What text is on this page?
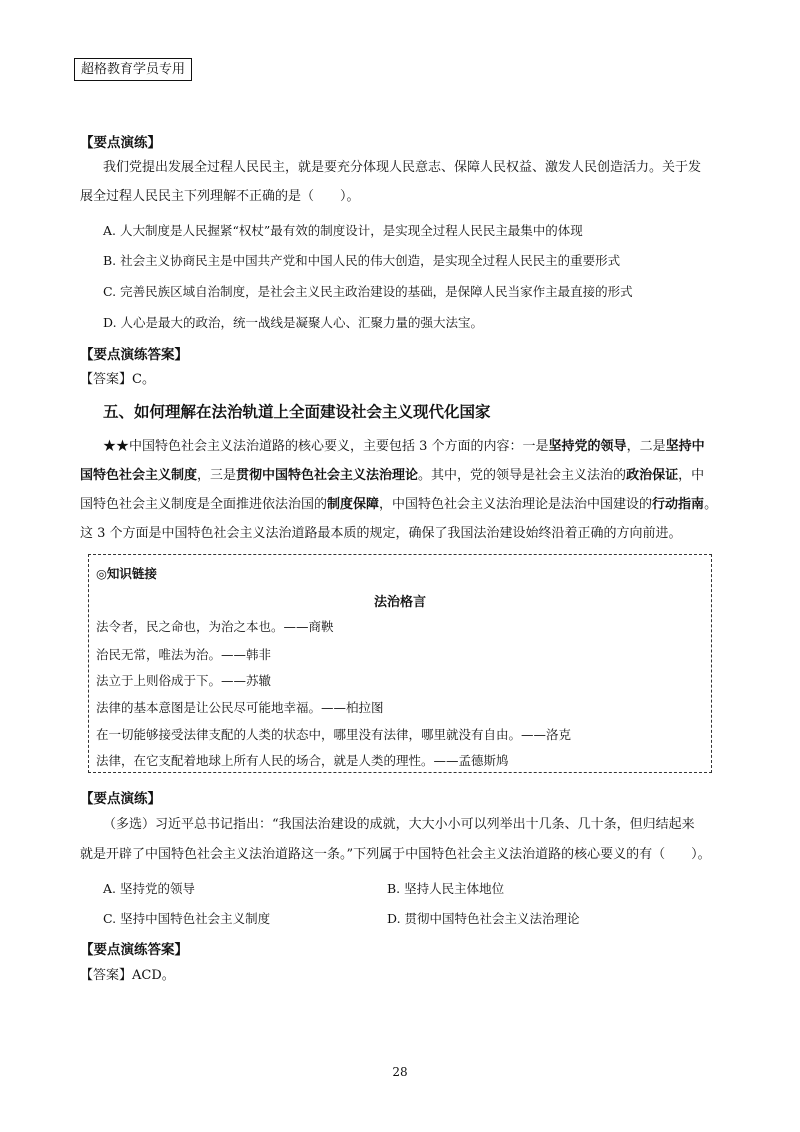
超格教育学员专用
【要点演练】
我们党提出发展全过程人民民主，就是要充分体现人民意志、保障人民权益、激发人民创造活力。关于发
展全过程人民民主下列理解不正确的是（　　）。
A. 人大制度是人民握紧“权杖”最有效的制度设计，是实现全过程人民民主最集中的体现
B. 社会主义协商民主是中国共产党和中国人民的伟大创造，是实现全过程人民民主的重要形式
C. 完善民族区域自治制度，是社会主义民主政治建设的基础，是保障人民当家作主最直接的形式
D. 人心是最大的政治，统一战线是凝聚人心、汇聚力量的强大法宝。
【要点演练答案】
【答案】C。
五、如何理解在法治轨道上全面建设社会主义现代化国家
★★中国特色社会主义法治道路的核心要义，主要包括 3 个方面的内容：一是坚持党的领导，二是坚持中
国特色社会主义制度，三是贯彻中国特色社会主义法治理论。其中，党的领导是社会主义法治的政治保证，中
国特色社会主义制度是全面推进依法治国的制度保障，中国特色社会主义法治理论是法治中国建设的行动指南。
这 3 个方面是中国特色社会主义法治道路最本质的规定，确保了我国法治建设始终沿着正确的方向前进。
◎知识链接
法治格言
法令者，民之命也，为治之本也。——商鞅
治民无常，唯法为治。——韩非
法立于上则俗成于下。——苏辙
法律的基本意图是让公民尽可能地幸福。——柏拉图
在一切能够接受法律支配的人类的状态中，哪里没有法律，哪里就没有自由。——洛克
法律，在它支配着地球上所有人民的场合，就是人类的理性。——孟德斯鸠
【要点演练】
（多选）习近平总书记指出：“我国法治建设的成就，大大小小可以列举出十几条、几十条，但归结起来
就是开辟了中国特色社会主义法治道路这一条。”下列属于中国特色社会主义法治道路的核心要义的有（　　）。
A. 坚持党的领导	B. 坚持人民主体地位
C. 坚持中国特色社会主义制度	D. 贯彻中国特色社会主义法治理论
【要点演练答案】
【答案】ACD。
28
